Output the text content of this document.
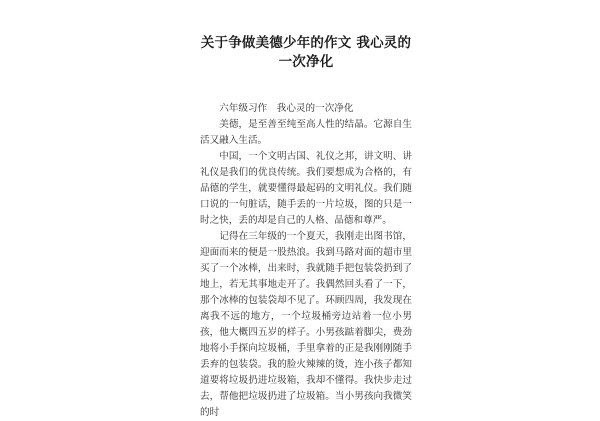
关于争做美德少年的作文 我心灵的一次净化

六年级习作　我心灵的一次净化

美德，是至善至纯至高人性的结晶。它源自生活又融入生活。

中国，一个文明古国、礼仪之邦，讲文明、讲礼仪是我们的优良传统。我们要想成为合格的，有品德的学生，就要懂得最起码的文明礼仪。我们随口说的一句脏话，随手丢的一片垃圾，图的只是一时之快，丢的却是自己的人格、品德和尊严。

记得在三年级的一个夏天，我刚走出图书馆，迎面而来的便是一股热浪。我到马路对面的超市里买了一个冰棒，出来时，我就随手把包装袋扔到了地上，若无其事地走开了。我偶然回头看了一下，那个冰棒的包装袋却不见了。环顾四周，我发现在离我不远的地方，一个垃圾桶旁边站着一位小男孩，他大概四五岁的样子。小男孩踮着脚尖，费劲地将小手探向垃圾桶，手里拿着的正是我刚刚随手丢弃的包装袋。我的脸火辣辣的烫，连小孩子都知道要将垃圾扔进垃圾箱，我却不懂得。我快步走过去，帮他把垃圾扔进了垃圾箱。当小男孩向我微笑的时
